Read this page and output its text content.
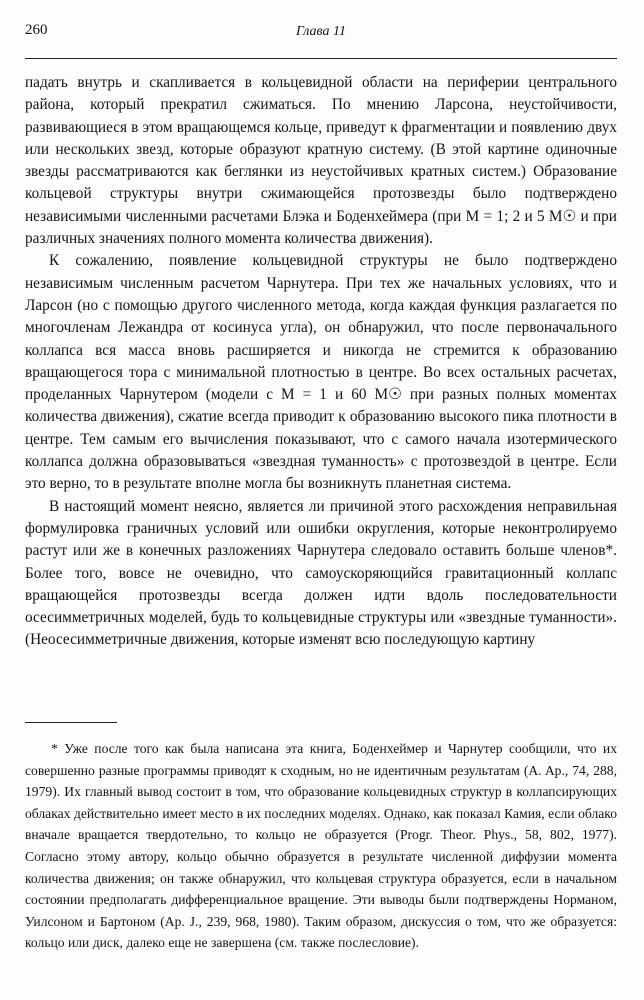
260	Глава 11

падать внутрь и скапливается в кольцевидной области на периферии центрального района, который прекратил сжиматься. По мнению Ларсона, неустойчивости, развивающиеся в этом вращающемся кольце, приведут к фрагментации и появлению двух или нескольких звезд, которые образуют кратную систему. (В этой картине одиночные звезды рассматриваются как беглянки из неустойчивых кратных систем.) Образование кольцевой структуры внутри сжимающейся протозвезды было подтверждено независимыми численными расчетами Блэка и Боденхеймера (при M = 1; 2 и 5 M☉ и при различных значениях полного момента количества движения).

К сожалению, появление кольцевидной структуры не было подтверждено независимым численным расчетом Чарнутера. При тех же начальных условиях, что и Ларсон (но с помощью другого численного метода, когда каждая функция разлагается по многочленам Лежандра от косинуса угла), он обнаружил, что после первоначального коллапса вся масса вновь расширяется и никогда не стремится к образованию вращающегося тора с минимальной плотностью в центре. Во всех остальных расчетах, проделанных Чарнутером (модели с M = 1 и 60 M☉ при разных полных моментах количества движения), сжатие всегда приводит к образованию высокого пика плотности в центре. Тем самым его вычисления показывают, что с самого начала изотермического коллапса должна образовываться «звездная туманность» с протозвездой в центре. Если это верно, то в результате вполне могла бы возникнуть планетная система.

В настоящий момент неясно, является ли причиной этого расхождения неправильная формулировка граничных условий или ошибки округления, которые неконтролируемо растут или же в конечных разложениях Чарнутера следовало оставить больше членов*. Более того, вовсе не очевидно, что самоускоряющийся гравитационный коллапс вращающейся протозвезды всегда должен идти вдоль последовательности осесимметричных моделей, будь то кольцевидные структуры или «звездные туманности». (Неосесимметричные движения, которые изменят всю последующую картину

* Уже после того как была написана эта книга, Боденхеймер и Чарнутер сообщили, что их совершенно разные программы приводят к сходным, но не идентичным результатам (A. Ap., 74, 288, 1979). Их главный вывод состоит в том, что образование кольцевидных структур в коллапсирующих облаках действительно имеет место в их последних моделях. Однако, как показал Камия, если облако вначале вращается твердотельно, то кольцо не образуется (Progr. Theor. Phys., 58, 802, 1977). Согласно этому автору, кольцо обычно образуется в результате численной диффузии момента количества движения; он также обнаружил, что кольцевая структура образуется, если в начальном состоянии предполагать дифференциальное вращение. Эти выводы были подтверждены Норманом, Уилсоном и Бартоном (Ap. J., 239, 968, 1980). Таким образом, дискуссия о том, что же образуется: кольцо или диск, далеко еще не завершена (см. также послесловие).
